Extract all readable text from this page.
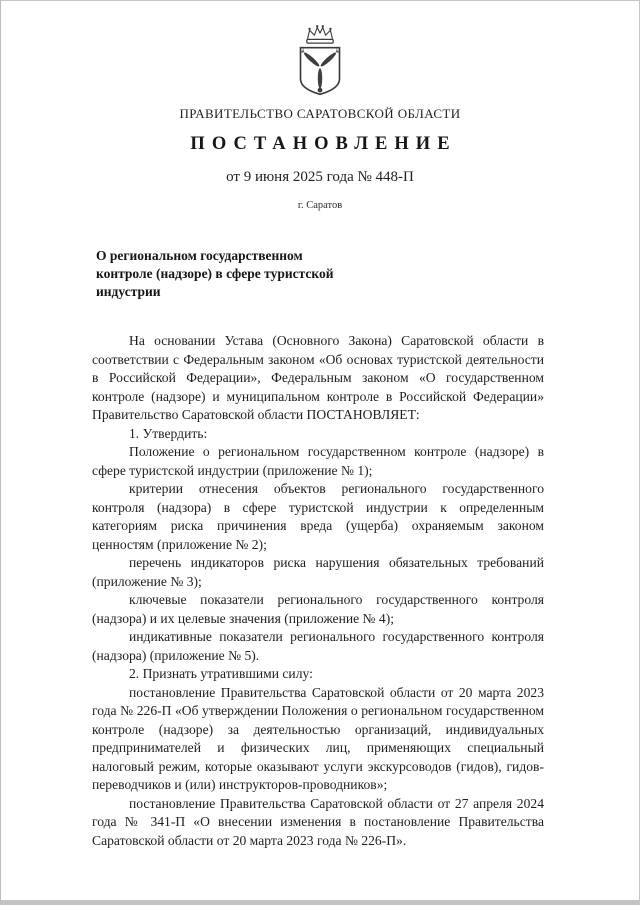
ПРАВИТЕЛЬСТВО САРАТОВСКОЙ ОБЛАСТИ
ПОСТАНОВЛЕНИЕ
от 9 июня 2025 года № 448-П
г. Саратов
О региональном государственном контроле (надзоре) в сфере туристской индустрии

На основании Устава (Основного Закона) Саратовской области в соответствии с Федеральным законом «Об основах туристской деятельности в Российской Федерации», Федеральным законом «О государственном контроле (надзоре) и муниципальном контроле в Российской Федерации» Правительство Саратовской области ПОСТАНОВЛЯЕТ:

1. Утвердить:

Положение о региональном государственном контроле (надзоре) в сфере туристской индустрии (приложение № 1);

критерии отнесения объектов регионального государственного контроля (надзора) в сфере туристской индустрии к определенным категориям риска причинения вреда (ущерба) охраняемым законом ценностям (приложение № 2);

перечень индикаторов риска нарушения обязательных требований (приложение № 3);

ключевые показатели регионального государственного контроля (надзора) и их целевые значения (приложение № 4);

индикативные показатели регионального государственного контроля (надзора) (приложение № 5).

2. Признать утратившими силу:

постановление Правительства Саратовской области от 20 марта 2023 года № 226-П «Об утверждении Положения о региональном государственном контроле (надзоре) за деятельностью организаций, индивидуальных предпринимателей и физических лиц, применяющих специальный налоговый режим, которые оказывают услуги экскурсоводов (гидов), гидов-переводчиков и (или) инструкторов-проводников»;

постановление Правительства Саратовской области от 27 апреля 2024 года № 341-П «О внесении изменения в постановление Правительства Саратовской области от 20 марта 2023 года № 226-П».
